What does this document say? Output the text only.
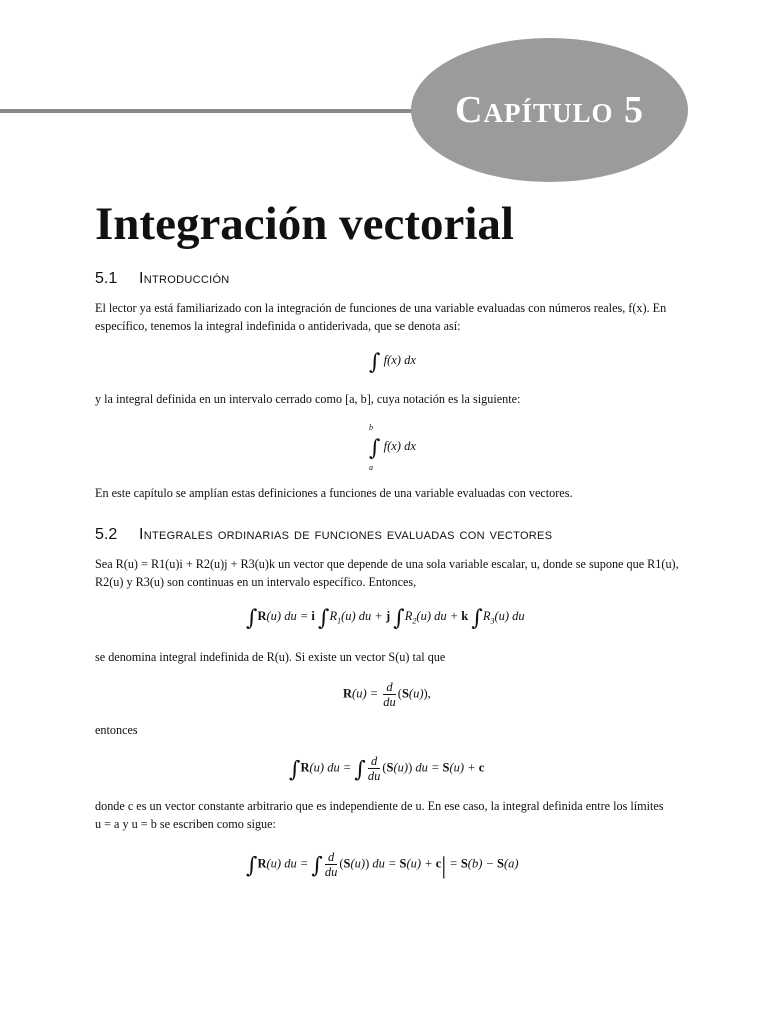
Capítulo 5
Integración vectorial
5.1 Introducción

El lector ya está familiarizado con la integración de funciones de una variable evaluadas con números reales, f(x). En
específico, tenemos la integral indefinida o antiderivada, que se denota así:

∫ f(x) dx

y la integral definida en un intervalo cerrado como [a, b], cuya notación es la siguiente:

b
∫ f(x) dx
a

En este capítulo se amplían estas definiciones a funciones de una variable evaluadas con vectores.

5.2 Integrales ordinarias de funciones evaluadas con vectores

Sea R(u) = R1(u)i + R2(u)j + R3(u)k un vector que depende de una sola variable escalar, u, donde se supone que R1(u),
R2(u) y R3(u) son continuas en un intervalo específico. Entonces,

∫R(u) du = i $\int R_1(u)$ du + j $\int R_2(u)$ du + k $\int R_3(u)$ du

se denomina integral indefinida de R(u). Si existe un vector S(u) tal que

$R(u) = \frac{d}{du} (S(u))$,

entonces

∫R(u) du = ∫ $\frac{d}{du} (S(u))$ du = S(u) + c

donde c es un vector constante arbitrario que es independiente de u. En ese caso, la integral definida entre los límites
u = a y u = b se escriben como sigue:

∫R(u) du = ∫ $\frac{d}{du} (S(u))$ du = S(u) + c| = S(b) − S(a)
